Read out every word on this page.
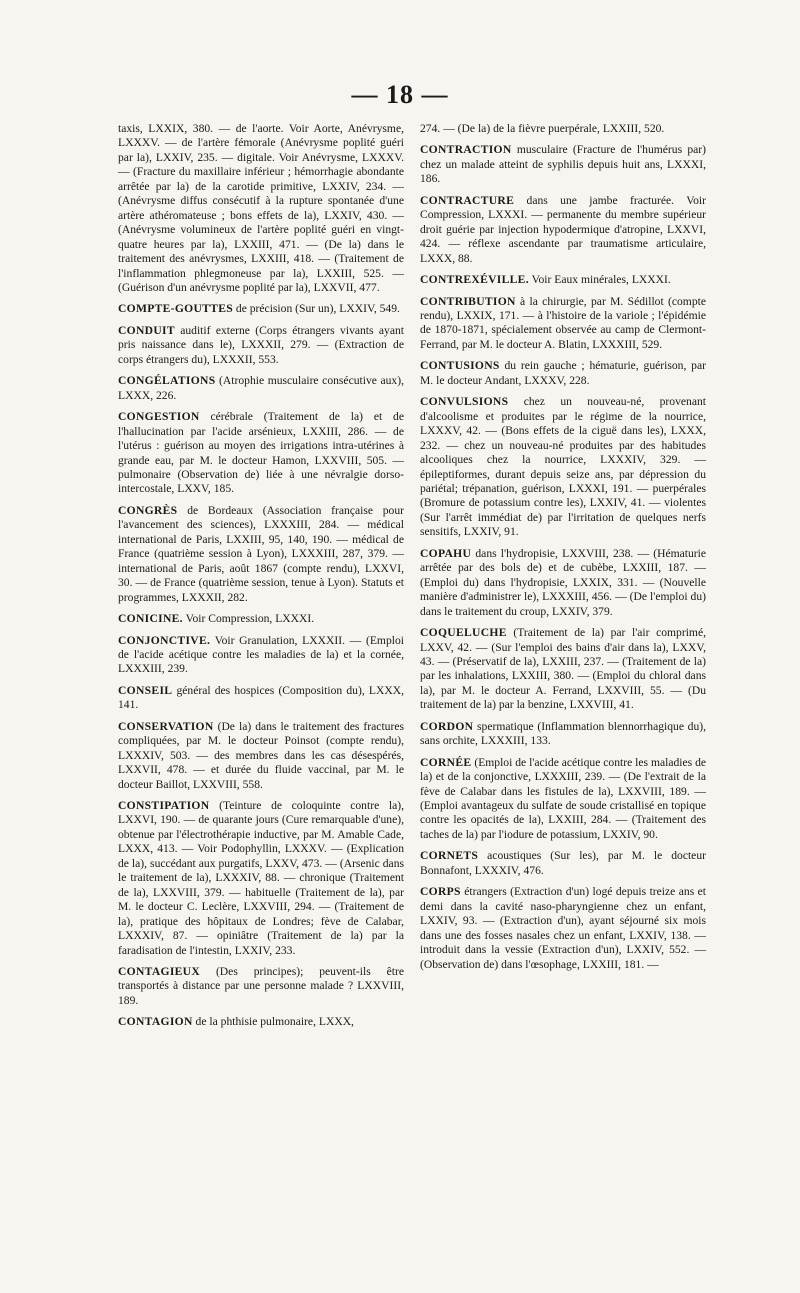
— 18 —

taxis, LXXIX, 380. — de l'aorte. Voir Aorte, Anévrysme, LXXXV. — de l'artère fémorale (Anévrysme poplité guéri par la), LXXIV, 235. — digitale. Voir Anévrysme, LXXXV. — (Fracture du maxillaire inférieur ; hémorrhagie abondante arrêtée par la) de la carotide primitive, LXXIV, 234. — (Anévrysme diffus consécutif à la rupture spontanée d'une artère athéromateuse ; bons effets de la), LXXIV, 430. — (Anévrysme volumineux de l'artère poplité guéri en vingt-quatre heures par la), LXXIII, 471. — (De la) dans le traitement des anévrysmes, LXXIII, 418. — (Traitement de l'inflammation phlegmoneuse par la), LXXIII, 525. — (Guérison d'un anévrysme poplité par la), LXXVII, 477.

COMPTE-GOUTTES de précision (Sur un), LXXIV, 549.

CONDUIT auditif externe (Corps étrangers vivants ayant pris naissance dans le), LXXXII, 279. — (Extraction de corps étrangers du), LXXXII, 553.

CONGÉLATIONS (Atrophie musculaire consécutive aux), LXXX, 226.

CONGESTION cérébrale (Traitement de la) et de l'hallucination par l'acide arsénieux, LXXIII, 286. — de l'utérus : guérison au moyen des irrigations intra-utérines à grande eau, par M. le docteur Hamon, LXXVIII, 505. — pulmonaire (Observation de) liée à une névralgie dorso-intercostale, LXXV, 185.

CONGRÈS de Bordeaux (Association française pour l'avancement des sciences), LXXXIII, 284. — médical international de Paris, LXXIII, 95, 140, 190. — médical de France (quatrième session à Lyon), LXXXIII, 287, 379. — international de Paris, août 1867 (compte rendu), LXXVI, 30. — de France (quatrième session, tenue à Lyon). Statuts et programmes, LXXXII, 282.

CONICINE. Voir Compression, LXXXI.

CONJONCTIVE. Voir Granulation, LXXXII. — (Emploi de l'acide acétique contre les maladies de la) et la cornée, LXXXIII, 239.

CONSEIL général des hospices (Composition du), LXXX, 141.

CONSERVATION (De la) dans le traitement des fractures compliquées, par M. le docteur Poinsot (compte rendu), LXXXIV, 503. — des membres dans les cas désespérés, LXXVII, 478. — et durée du fluide vaccinal, par M. le docteur Baillot, LXXVIII, 558.

CONSTIPATION (Teinture de coloquinte contre la), LXXVI, 190. — de quarante jours (Cure remarquable d'une), obtenue par l'électrothérapie inductive, par M. Amable Cade, LXXX, 413. — Voir Podophyllin, LXXXV. — (Explication de la), succédant aux purgatifs, LXXV, 473. — (Arsenic dans le traitement de la), LXXXIV, 88. — chronique (Traitement de la), LXXVIII, 379. — habituelle (Traitement de la), par M. le docteur C. Leclère, LXXVIII, 294. — (Traitement de la), pratique des hôpitaux de Londres; fève de Calabar, LXXXIV, 87. — opiniâtre (Traitement de la) par la faradisation de l'intestin, LXXIV, 233.

CONTAGIEUX (Des principes); peuvent-ils être transportés à distance par une personne malade ? LXXVIII, 189.

CONTAGION de la phthisie pulmonaire, LXXX,

274. — (De la) de la fièvre puerpérale, LXXIII, 520.

CONTRACTION musculaire (Fracture de l'humérus par) chez un malade atteint de syphilis depuis huit ans, LXXXI, 186.

CONTRACTURE dans une jambe fracturée. Voir Compression, LXXXI. — permanente du membre supérieur droit guérie par injection hypodermique d'atropine, LXXVI, 424. — réflexe ascendante par traumatisme articulaire, LXXX, 88.

CONTREXÉVILLE. Voir Eaux minérales, LXXXI.

CONTRIBUTION à la chirurgie, par M. Sédillot (compte rendu), LXXIX, 171. — à l'histoire de la variole ; l'épidémie de 1870-1871, spécialement observée au camp de Clermont-Ferrand, par M. le docteur A. Blatin, LXXXIII, 529.

CONTUSIONS du rein gauche ; hématurie, guérison, par M. le docteur Andant, LXXXV, 228.

CONVULSIONS chez un nouveau-né, provenant d'alcoolisme et produites par le régime de la nourrice, LXXXV, 42. — (Bons effets de la ciguë dans les), LXXX, 232. — chez un nouveau-né produites par des habitudes alcooliques chez la nourrice, LXXXIV, 329. — épileptiformes, durant depuis seize ans, par dépression du pariétal; trépanation, guérison, LXXXI, 191. — puerpérales (Bromure de potassium contre les), LXXIV, 41. — violentes (Sur l'arrêt immédiat de) par l'irritation de quelques nerfs sensitifs, LXXIV, 91.

COPAHU dans l'hydropisie, LXXVIII, 238. — (Hématurie arrêtée par des bols de) et de cubèbe, LXXIII, 187. — (Emploi du) dans l'hydropisie, LXXIX, 331. — (Nouvelle manière d'administrer le), LXXXIII, 456. — (De l'emploi du) dans le traitement du croup, LXXIV, 379.

COQUELUCHE (Traitement de la) par l'air comprimé, LXXV, 42. — (Sur l'emploi des bains d'air dans la), LXXV, 43. — (Préservatif de la), LXXIII, 237. — (Traitement de la) par les inhalations, LXXIII, 380. — (Emploi du chloral dans la), par M. le docteur A. Ferrand, LXXVIII, 55. — (Du traitement de la) par la benzine, LXXVIII, 41.

CORDON spermatique (Inflammation blennorrhagique du), sans orchite, LXXXIII, 133.

CORNÉE (Emploi de l'acide acétique contre les maladies de la) et de la conjonctive, LXXXIII, 239. — (De l'extrait de la fève de Calabar dans les fistules de la), LXXVIII, 189. — (Emploi avantageux du sulfate de soude cristallisé en topique contre les opacités de la), LXXIII, 284. — (Traitement des taches de la) par l'iodure de potassium, LXXIV, 90.

CORNETS acoustiques (Sur les), par M. le docteur Bonnafont, LXXXIV, 476.

CORPS étrangers (Extraction d'un) logé depuis treize ans et demi dans la cavité naso-pharyngienne chez un enfant, LXXIV, 93. — (Extraction d'un), ayant séjourné six mois dans une des fosses nasales chez un enfant, LXXIV, 138. — introduit dans la vessie (Extraction d'un), LXXIV, 552. — (Observation de) dans l'œsophage, LXXIII, 181. —
